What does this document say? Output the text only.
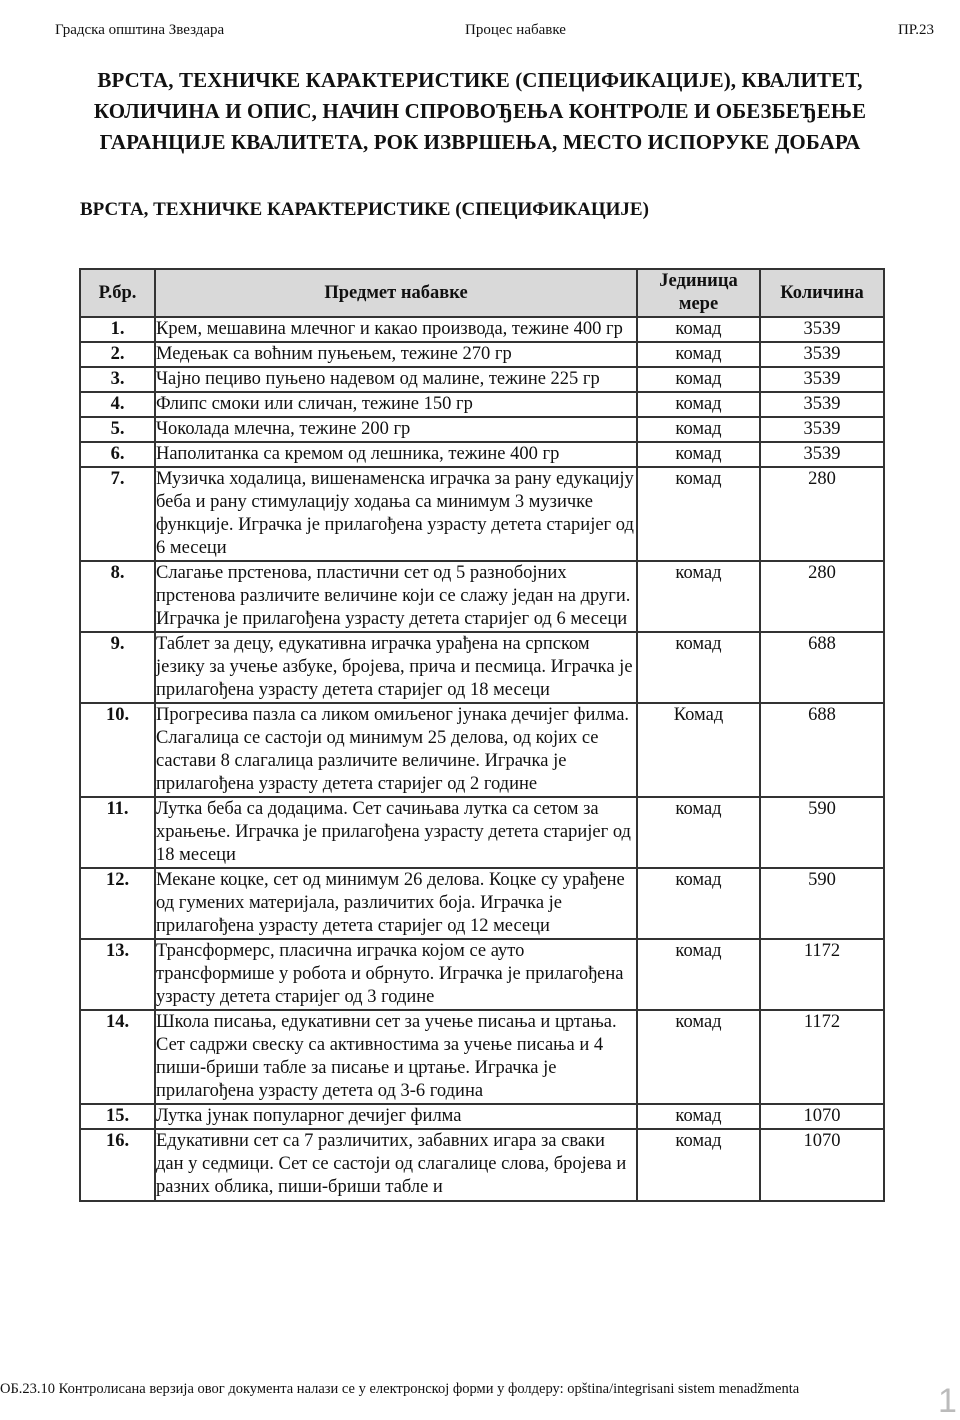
Градска општина Звездара	Процес набавке	ПР.23
ВРСТА, ТЕХНИЧКЕ КАРАКТЕРИСТИКЕ (СПЕЦИФИКАЦИЈЕ), КВАЛИТЕТ, КОЛИЧИНА И ОПИС, НАЧИН СПРОВОЂЕЊА КОНТРОЛЕ И ОБЕЗБЕЂЕЊЕ ГАРАНЦИЈЕ КВАЛИТЕТА, РОК ИЗВРШЕЊА, МЕСТО ИСПОРУКЕ ДОБАРА
ВРСТА, ТЕХНИЧКЕ КАРАКТЕРИСТИКЕ (СПЕЦИФИКАЦИЈЕ)
Р.бр.	Предмет набавке	Јединица мере	Количина
1.	Крем, мешавина млечног и какао производа, тежине 400 гр	комад	3539
2.	Медењак са воћним пуњењем, тежине 270 гр	комад	3539
3.	Чајно пециво пуњено надевом од малине, тежине 225 гр	комад	3539
4.	Флипс смоки или сличан, тежине 150 гр	комад	3539
5.	Чоколада млечна, тежине 200 гр	комад	3539
6.	Наполитанка са кремом од лешника, тежине 400 гр	комад	3539
7.	Музичка ходалица, вишенаменска играчка за рану едукацију беба и рану стимулацију ходања са минимум 3 музичке функције. Играчка је прилагођена узрасту детета старијег од 6 месеци	комад	280
8.	Слагање прстенова, пластични сет од 5 разнобојних прстенова различите величине који се слажу један на други. Играчка је прилагођена узрасту детета старијег од 6 месеци	комад	280
9.	Таблет за децу, едукативна играчка урађена на српском језику за учење азбуке, бројева, прича и песмица. Играчка је прилагођена узрасту детета старијег од 18 месеци	комад	688
10.	Прогресива пазла са ликом омиљеног јунака дечијег филма. Слагалица се састоји од минимум 25 делова, од којих се састави 8 слагалица различите величине. Играчка је прилагођена узрасту детета старијег од 2 године	Комад	688
11.	Лутка беба са додацима. Сет сачињава лутка са сетом за храњење. Играчка је прилагођена узрасту детета старијег од 18 месеци	комад	590
12.	Мекане коцке, сет од минимум 26 делова. Коцке су урађене од гумених материјала, различитих боја. Играчка је прилагођена узрасту детета старијег од 12 месеци	комад	590
13.	Трансформерс, пласична играчка којом се ауто трансформише у робота и обрнуто. Играчка је прилагођена узрасту детета старијег од 3 године	комад	1172
14.	Школа писања, едукативни сет за учење писања и цртања. Сет садржи свеску са активностима за учење писања и 4 пиши-бриши табле за писање и цртање. Играчка је прилагођена узрасту детета од 3-6 година	комад	1172
15.	Лутка јунак популарног дечијег филма	комад	1070
16.	Едукативни сет са 7 различитих, забавних игара за сваки дан у седмици. Сет се састоји од слагалице слова, бројева и разних облика, пиши-бриши табле и	комад	1070
ОБ.23.10 Контролисана верзија овог документа налази се у електронској форми у фолдеру: opština/integrisani sistem menadžmenta	1
